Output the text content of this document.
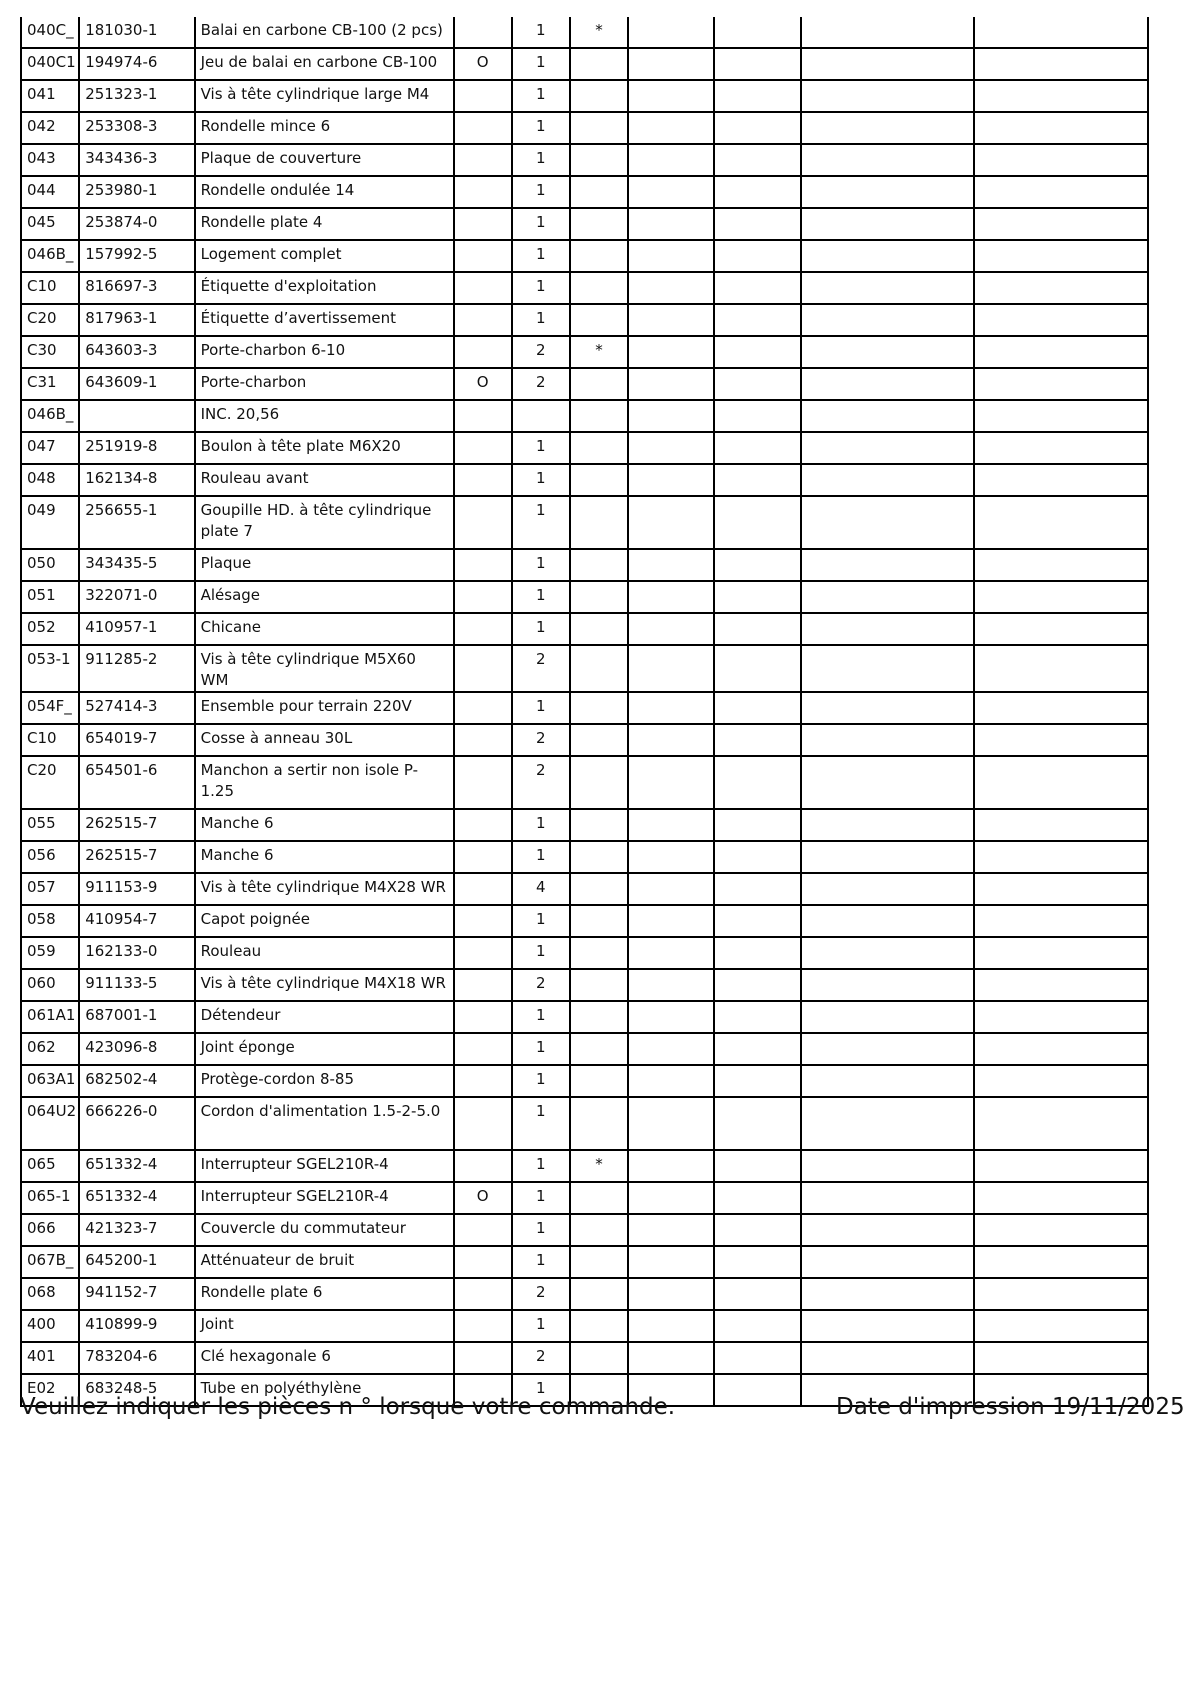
040C_	181030-1	Balai en carbone CB-100 (2 pcs)		1	*				
040C1	194974-6	Jeu de balai en carbone CB-100	O	1					
041	251323-1	Vis à tête cylindrique large M4		1					
042	253308-3	Rondelle mince 6		1					
043	343436-3	Plaque de couverture		1					
044	253980-1	Rondelle ondulée 14		1					
045	253874-0	Rondelle plate 4		1					
046B_	157992-5	Logement complet		1					
C10	816697-3	Étiquette d'exploitation		1					
C20	817963-1	Étiquette d’avertissement		1					
C30	643603-3	Porte-charbon 6-10		2	*				
C31	643609-1	Porte-charbon	O	2					
046B_		INC. 20,56							
047	251919-8	Boulon à tête plate M6X20		1					
048	162134-8	Rouleau avant		1					
049	256655-1	Goupille HD. à tête cylindrique plate 7		1					
050	343435-5	Plaque		1					
051	322071-0	Alésage		1					
052	410957-1	Chicane		1					
053-1	911285-2	Vis à tête cylindrique M5X60 WM		2					
054F_	527414-3	Ensemble pour terrain 220V		1					
C10	654019-7	Cosse à anneau 30L		2					
C20	654501-6	Manchon a sertir non isole P-1.25		2					
055	262515-7	Manche 6		1					
056	262515-7	Manche 6		1					
057	911153-9	Vis à tête cylindrique M4X28 WR		4					
058	410954-7	Capot poignée		1					
059	162133-0	Rouleau		1					
060	911133-5	Vis à tête cylindrique M4X18 WR		2					
061A1	687001-1	Détendeur		1					
062	423096-8	Joint éponge		1					
063A1	682502-4	Protège-cordon 8-85		1					
064U2	666226-0	Cordon d'alimentation 1.5-2-5.0		1					
065	651332-4	Interrupteur SGEL210R-4		1	*				
065-1	651332-4	Interrupteur SGEL210R-4	O	1					
066	421323-7	Couvercle du commutateur		1					
067B_	645200-1	Atténuateur de bruit		1					
068	941152-7	Rondelle plate 6		2					
400	410899-9	Joint		1					
401	783204-6	Clé hexagonale 6		2					
E02	683248-5	Tube en polyéthylène		1					
Veuillez indiquer les pièces n ° lorsque votre commande.	Date d'impression 19/11/2025
